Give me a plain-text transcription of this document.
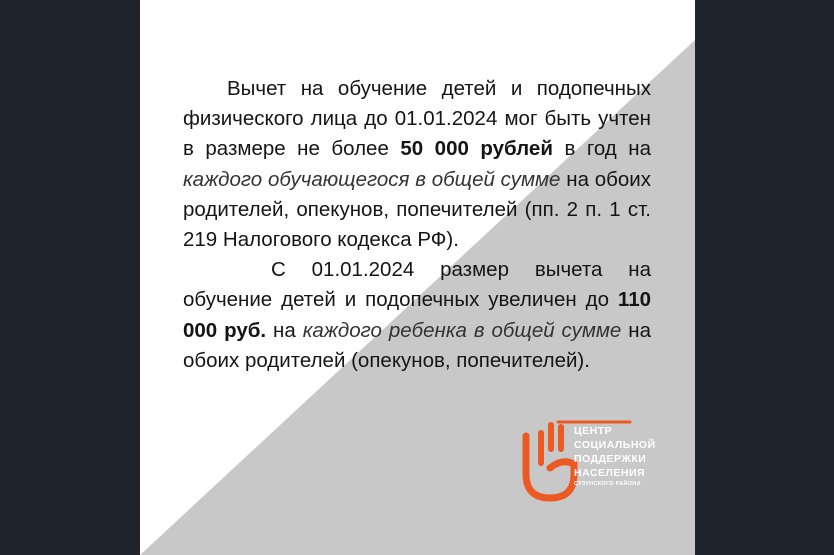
Вычет на обучение детей и подопечных физического лица до 01.01.2024 мог быть учтен в размере не более 50 000 рублей в год на каждого обучающегося в общей сумме на обоих родителей, опекунов, попечителей (пп. 2 п. 1 ст. 219 Налогового кодекса РФ).

С 01.01.2024 размер вычета на обучение детей и подопечных увеличен до 110 000 руб. на каждого ребенка в общей сумме на обоих родителей (опекунов, попечителей).

ЦЕНТР
СОЦИАЛЬНОЙ
ПОДДЕРЖКИ
НАСЕЛЕНИЯ
СУЗУНСКОГО РАЙОНА
